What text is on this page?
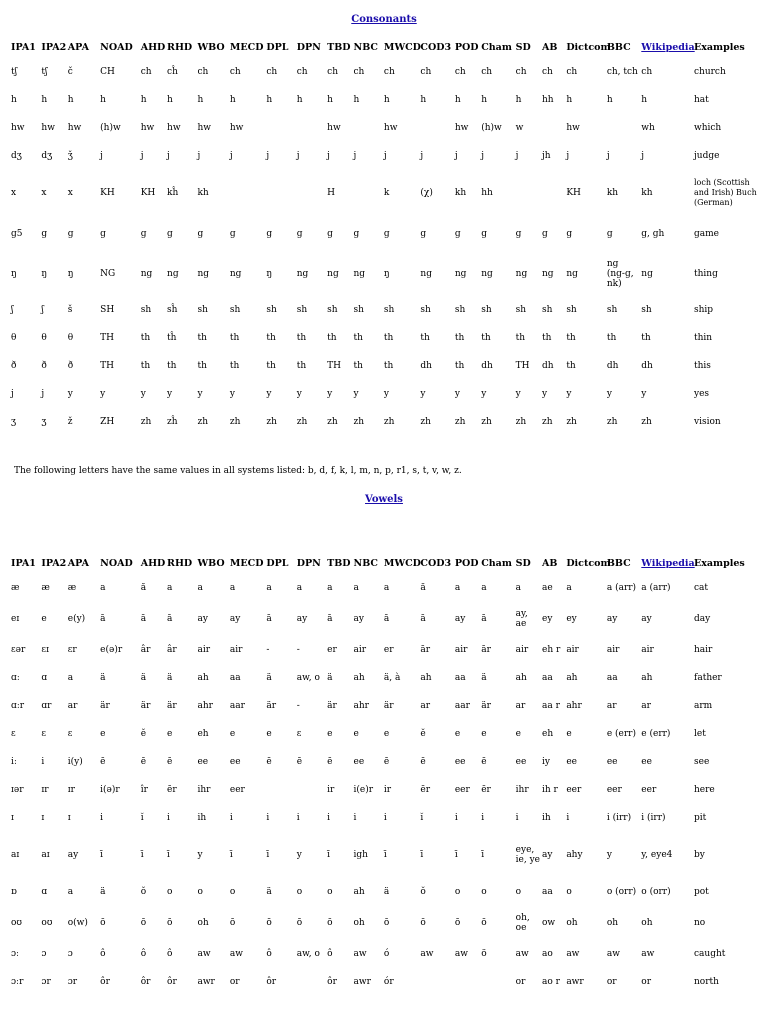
Consonants
IPA1	IPA2	APA	NOAD	AHD	RHD	WBO	MECD	DPL	DPN	TBD	NBC	MWCD	COD3	POD	Cham	SD	AB	Dictcom	BBC	Wikipedia	Examples
tʃ	tʃ	č	CH	ch	cĥ	ch	ch	ch	ch	ch	ch	ch	ch	ch	ch	ch	ch	ch	ch, tch	ch	church
h	h	h	h	h	h	h	h	h	h	h	h	h	h	h	h	h	hh	h	h	h	hat
hw	hw	hw	(h)w	hw	hw	hw	hw			hw		hw		hw	(h)w	w		hw		wh	which
dʒ	dʒ	ǯ	j	j	j	j	j	j	j	j	j	j	j	j	j	j	jh	j	j	j	judge
x	x	x	KH	KH	kĥ	kh				H		k	(χ)	kh	hh			KH	kh	kh	loch (Scottish and Irish) Buch (German)
g5	g	g	g	g	g	g	g	g	g	g	g	g	g	g	g	g	g	g	g	g, gh	game
ŋ	ŋ	ŋ	NG	ng	ng	ng	ng	ŋ	ng	ng	ng	ŋ	ng	ng	ng	ng	ng	ng	ng (ng-g, nk)	ng	thing
ʃ	ʃ	š	SH	sh	sĥ	sh	sh	sh	sh	sh	sh	sh	sh	sh	sh	sh	sh	sh	sh	sh	ship
θ	θ	θ	TH	th	tĥ	th	th	th	th	th	th	th	th	th	th	th	th	th	th	th	thin
ð	ð	ð	TH	th	th	th	th	th	th	TH	th	th	dh	th	dh	TH	dh	th	dh	dh	this
j	j	y	y	y	y	y	y	y	y	y	y	y	y	y	y	y	y	y	y	y	yes
ʒ	ʒ	ž	ZH	zh	zĥ	zh	zh	zh	zh	zh	zh	zh	zh	zh	zh	zh	zh	zh	zh	zh	vision
The following letters have the same values in all systems listed: b, d, f, k, l, m, n, p, r1, s, t, v, w, z.
Vowels
IPA1	IPA2	APA	NOAD	AHD	RHD	WBO	MECD	DPL	DPN	TBD	NBC	MWCD	COD3	POD	Cham	SD	AB	Dictcom	BBC	Wikipedia	Examples
æ	æ	æ	a	ă	a	a	a	a	a	a	a	a	ă	a	a	a	ae	a	a (arr)	a (arr)	cat
eɪ	e	e(y)	ā	ā	ā	ay	ay	ā	ay	ā	ay	ā	ā	ay	ā	ay, ae	ey	ey	ay	ay	day
ɛər	ɛɪ	ɛr	e(ə)r	âr	âr	air	air	-	-	er	air	er	ār	air	ār	air	eh r	air	air	air	hair
ɑː	ɑ	a	ä	ä	ä	ah	aa	ä	aw, o	ä	ah	ä, à	ah	aa	ä	ah	aa	ah	aa	ah	father
ɑːr	ɑr	ar	är	är	är	ahr	aar	är	-	är	ahr	är	ar	aar	är	ar	aa r	ahr	ar	ar	arm
ɛ	ɛ	ɛ	e	ĕ	e	eh	e	e	ɛ	e	e	e	ĕ	e	e	e	eh	e	e (err)	e (err)	let
iː	i	i(y)	ē	ē	ē	ee	ee	ē	ē	ē	ee	ē	ē	ee	ē	ee	iy	ee	ee	ee	see
ɪər	ɪr	ɪr	i(ə)r	îr	ēr	ihr	eer			ir	i(e)r	ir	ēr	eer	ēr	ihr	ih r	eer	eer	eer	here
ɪ	ɪ	ɪ	i	ĭ	i	ih	i	i	i	i	i	i	ĭ	i	i	i	ih	i	i (irr)	i (irr)	pit
aɪ	aɪ	ay	ī	ī	ī	y	ī	ī	y	ī	igh	ī	ī	ī	ī	eye, ie, ye	ay	ahy	y	y, eye4	by
ɒ	ɑ	a	ä	ŏ	o	o	o	ä	o	o	ah	ä	ŏ	o	o	o	aa	o	o (orr)	o (orr)	pot
oʊ	oʊ	o(w)	ō	ō	ō	oh	ō	ō	ō	ō	oh	ō	ō	ō	ō	oh, oe	ow	oh	oh	oh	no
ɔː	ɔ	ɔ	ô	ô	ô	aw	aw	ô	aw, o	ô	aw	ó	aw	aw	ö	aw	ao	aw	aw	aw	caught
ɔːr	ɔr	ɔr	ôr	ôr	ôr	awr	or	ôr		ôr	awr	ór				or	ao r	awr	or	or	north
